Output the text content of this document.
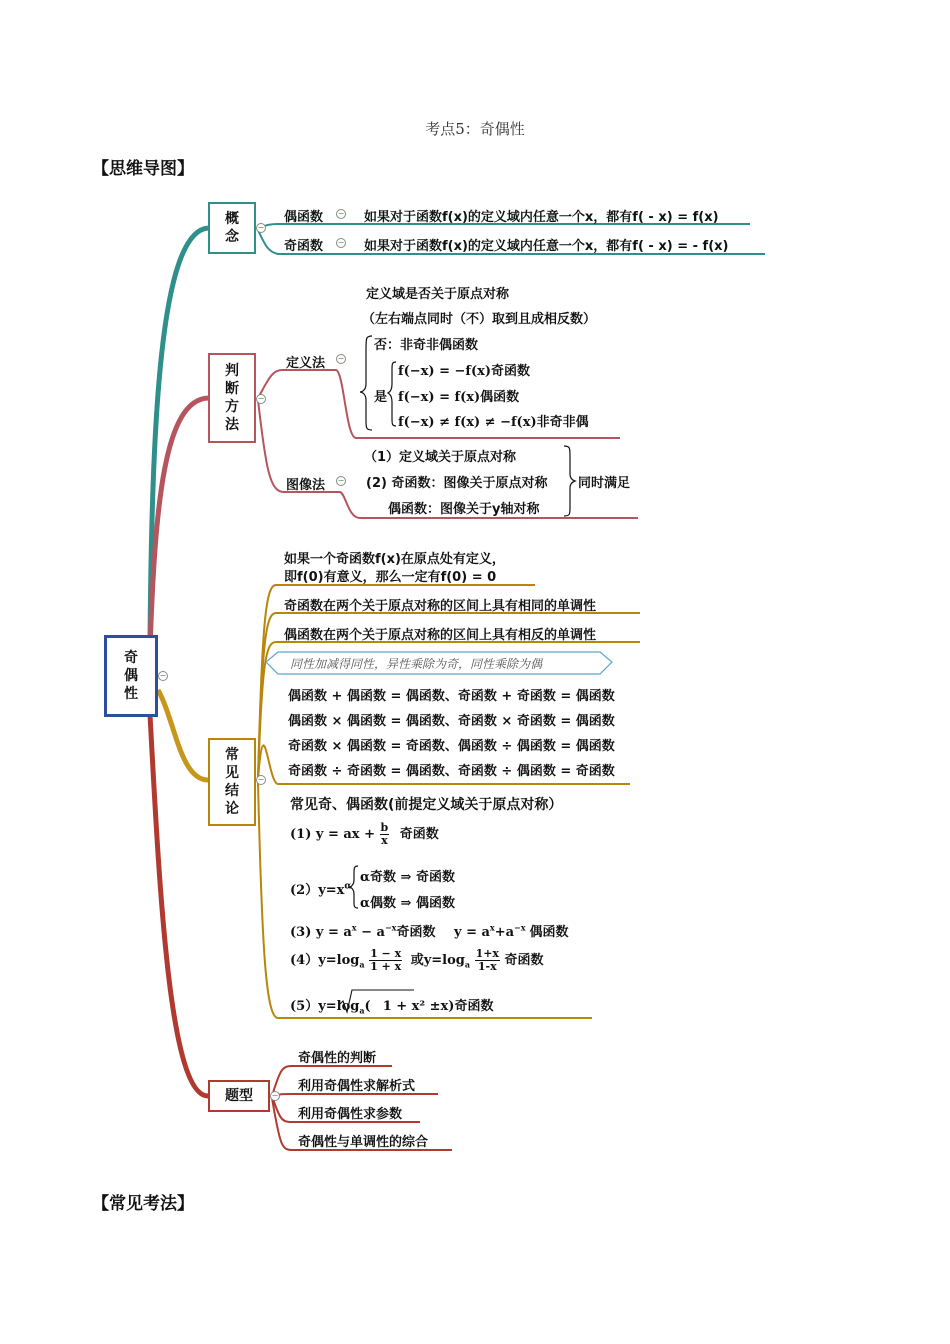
考点5：奇偶性
【思维导图】
【常见考法】
奇
偶
性
−
概
念
−
偶函数 − 如果对于函数f(x)的定义域内任意一个x，都有f( - x) = f(x)
奇函数 − 如果对于函数f(x)的定义域内任意一个x，都有f( - x) = - f(x)
判
断
方
法
−
定义法 −
定义域是否关于原点对称
（左右端点同时（不）取到且成相反数）
否：非奇非偶函数
是
f(−x) = −f(x)奇函数
f(−x) = f(x)偶函数
f(−x) ≠ f(x) ≠ −f(x)非奇非偶
图像法 −
（1）定义域关于原点对称
(2) 奇函数：图像关于原点对称
偶函数：图像关于y轴对称
同时满足
常
见
结
论
−
如果一个奇函数f(x)在原点处有定义，
即f(0)有意义，那么一定有f(0) = 0
奇函数在两个关于原点对称的区间上具有相同的单调性
偶函数在两个关于原点对称的区间上具有相反的单调性
同性加减得同性，异性乘除为奇，同性乘除为偶
偶函数 + 偶函数 = 偶函数、奇函数 + 奇函数 = 偶函数
偶函数 × 偶函数 = 偶函数、奇函数 × 奇函数 = 偶函数
奇函数 × 偶函数 = 奇函数、偶函数 ÷ 偶函数 = 偶函数
奇函数 ÷ 奇函数 = 偶函数、奇函数 ÷ 偶函数 = 奇函数
常见奇、偶函数(前提定义域关于原点对称）
(1) y = ax + $\frac{b}{x}$ 奇函数
$(2)y=x^\alpha$
α奇数 ⇒ 奇函数
α偶数 ⇒ 偶函数
(3) $y = a^x - a^{-x}$奇函数 $y = a^x+a^{-x}$ 偶函数
$(4)y=\log_a \frac{1 - x}{1 + x}$ 或$y=\log_a \frac{1+x}{1-x}$ 奇函数
$(5)y=\log_a$( 1 + x² ±x)奇函数
题型 −
奇偶性的判断
利用奇偶性求解析式
利用奇偶性求参数
奇偶性与单调性的综合
